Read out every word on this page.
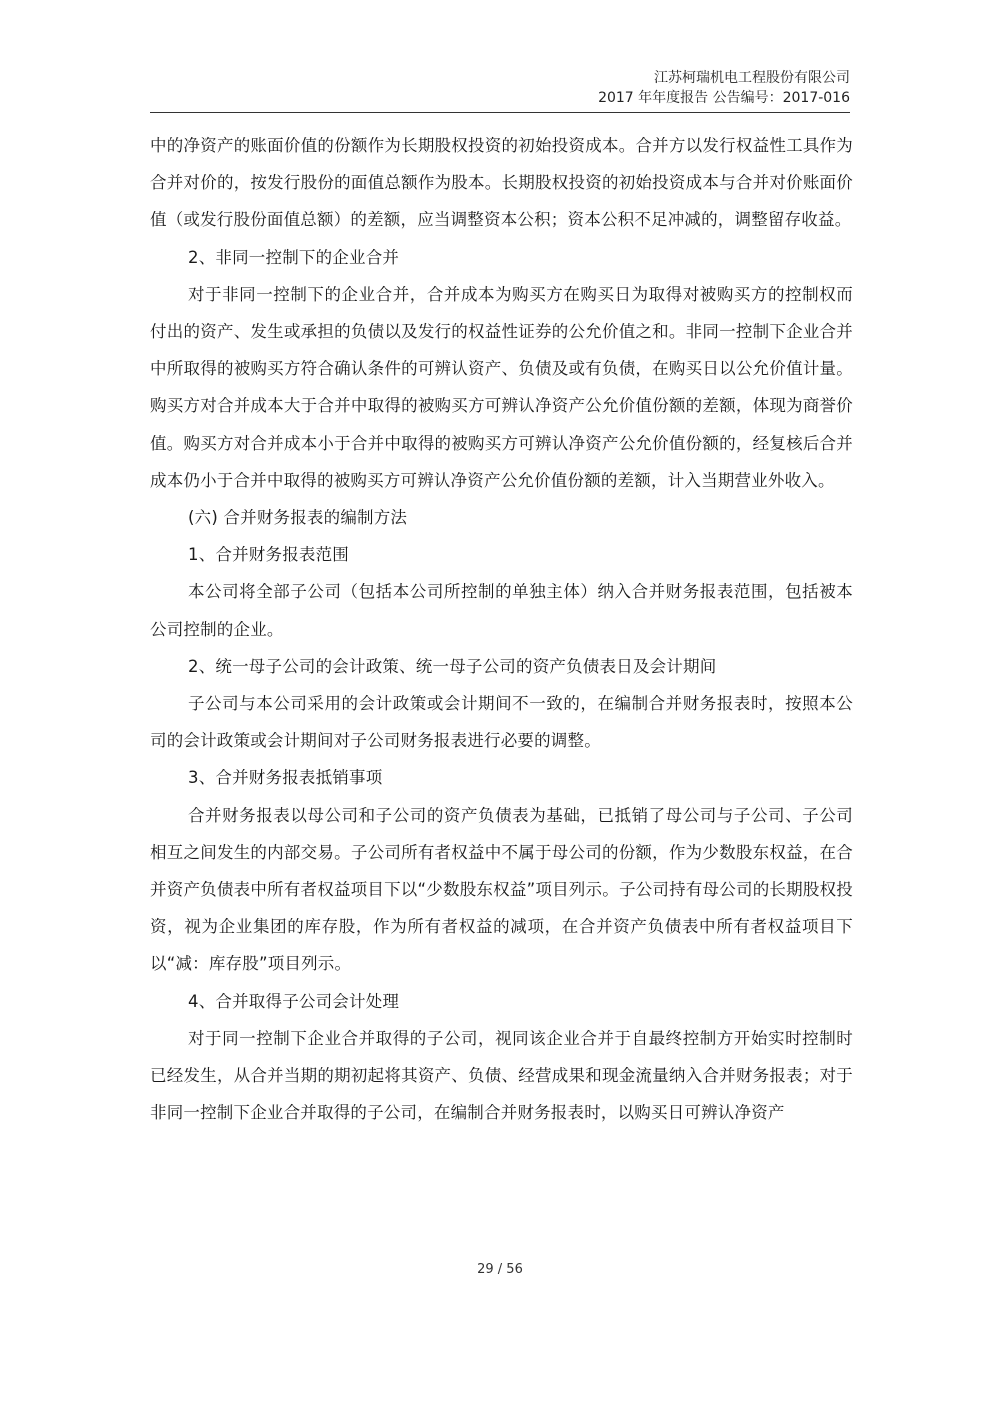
江苏柯瑞机电工程股份有限公司
2017 年年度报告 公告编号：2017-016

中的净资产的账面价值的份额作为长期股权投资的初始投资成本。合并方以发行权益性工具作为合并对价的，按发行股份的面值总额作为股本。长期股权投资的初始投资成本与合并对价账面价值（或发行股份面值总额）的差额，应当调整资本公积；资本公积不足冲减的，调整留存收益。

2、非同一控制下的企业合并

对于非同一控制下的企业合并，合并成本为购买方在购买日为取得对被购买方的控制权而付出的资产、发生或承担的负债以及发行的权益性证券的公允价值之和。非同一控制下企业合并中所取得的被购买方符合确认条件的可辨认资产、负债及或有负债，在购买日以公允价值计量。购买方对合并成本大于合并中取得的被购买方可辨认净资产公允价值份额的差额，体现为商誉价值。购买方对合并成本小于合并中取得的被购买方可辨认净资产公允价值份额的，经复核后合并成本仍小于合并中取得的被购买方可辨认净资产公允价值份额的差额，计入当期营业外收入。

(六) 合并财务报表的编制方法

1、合并财务报表范围

本公司将全部子公司（包括本公司所控制的单独主体）纳入合并财务报表范围，包括被本公司控制的企业。

2、统一母子公司的会计政策、统一母子公司的资产负债表日及会计期间

子公司与本公司采用的会计政策或会计期间不一致的，在编制合并财务报表时，按照本公司的会计政策或会计期间对子公司财务报表进行必要的调整。

3、合并财务报表抵销事项

合并财务报表以母公司和子公司的资产负债表为基础，已抵销了母公司与子公司、子公司相互之间发生的内部交易。子公司所有者权益中不属于母公司的份额，作为少数股东权益，在合并资产负债表中所有者权益项目下以“少数股东权益”项目列示。子公司持有母公司的长期股权投资，视为企业集团的库存股，作为所有者权益的减项，在合并资产负债表中所有者权益项目下以“减：库存股”项目列示。

4、合并取得子公司会计处理

对于同一控制下企业合并取得的子公司，视同该企业合并于自最终控制方开始实时控制时已经发生，从合并当期的期初起将其资产、负债、经营成果和现金流量纳入合并财务报表；对于非同一控制下企业合并取得的子公司，在编制合并财务报表时，以购买日可辨认净资产

29 / 56
